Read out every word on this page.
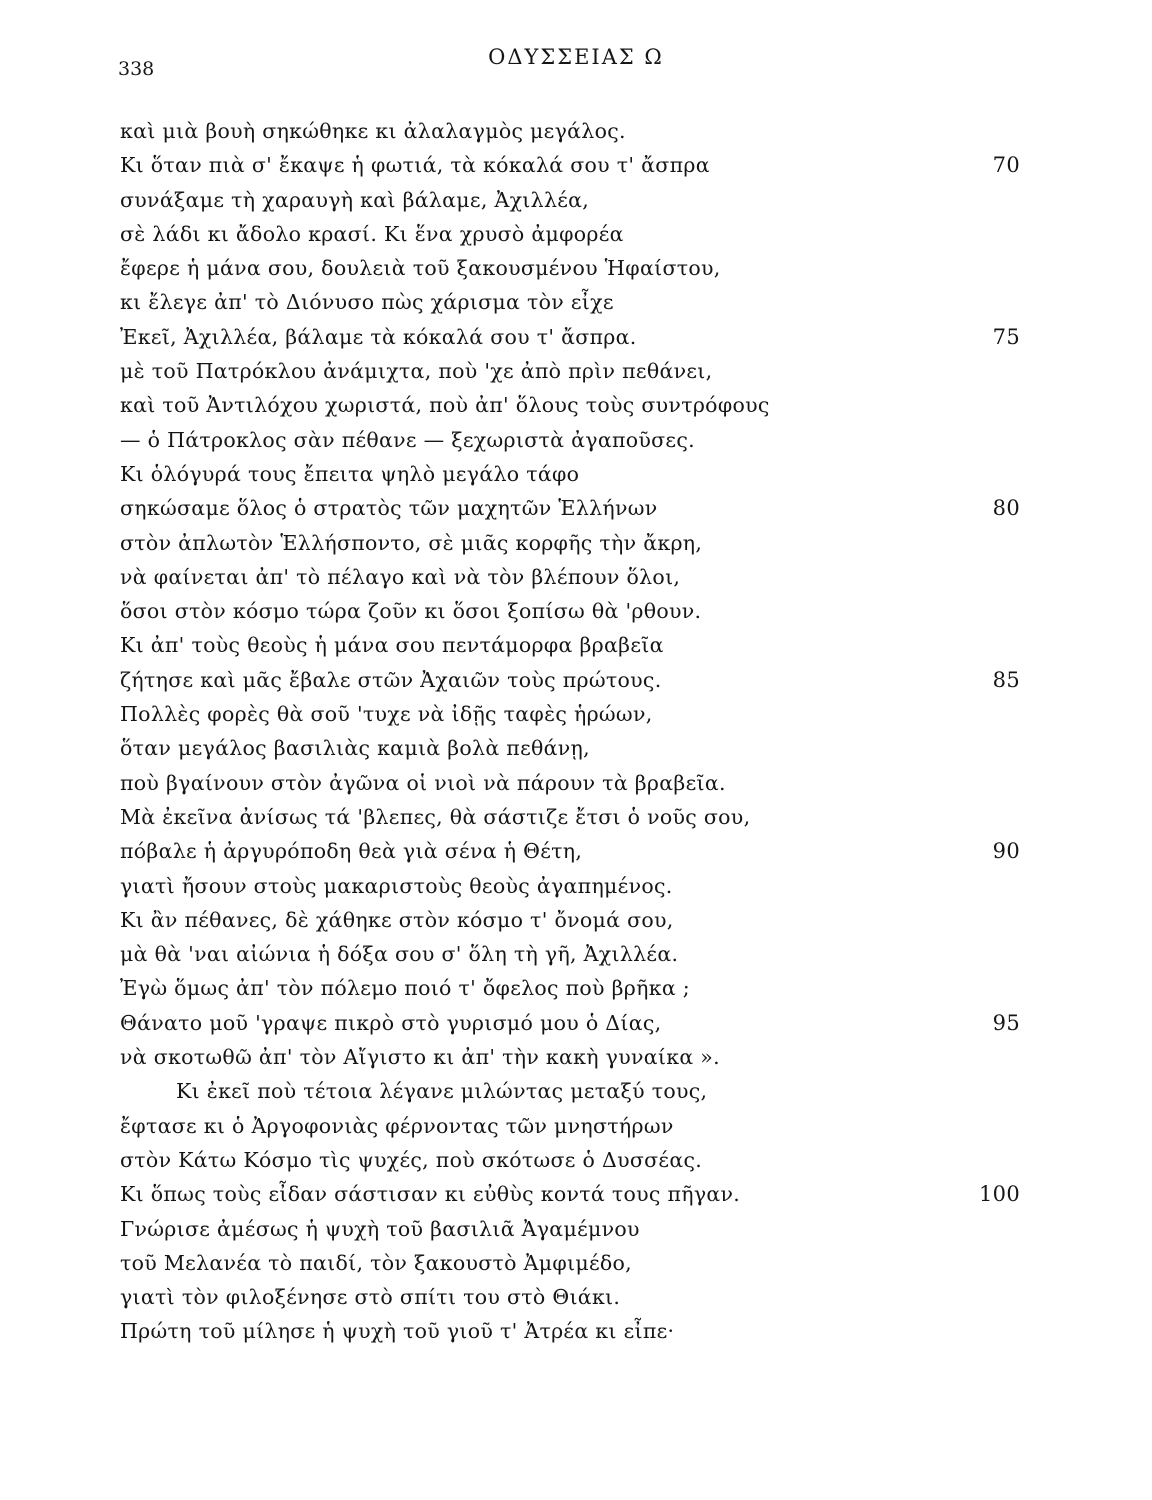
338	ΟΔΥΣΣΕΙΑΣ Ω
καὶ μιὰ βουὴ σηκώθηκε κι ἀλαλαγμὸς μεγάλος.
Κι ὅταν πιὰ σ' ἔκαψε ἡ φωτιά, τὰ κόκαλά σου τ' ἄσπρα	70
συνάξαμε τὴ χαραυγὴ καὶ βάλαμε, Ἀχιλλέα,
σὲ λάδι κι ἄδολο κρασί. Κι ἕνα χρυσὸ ἀμφορέα
ἔφερε ἡ μάνα σου, δουλειὰ τοῦ ξακουσμένου Ἡφαίστου,
κι ἔλεγε ἀπ' τὸ Διόνυσο πὼς χάρισμα τὸν εἶχε
Ἐκεῖ, Ἀχιλλέα, βάλαμε τὰ κόκαλά σου τ' ἄσπρα.	75
μὲ τοῦ Πατρόκλου ἀνάμιχτα, ποὺ 'χε ἀπὸ πρὶν πεθάνει,
καὶ τοῦ Ἀντιλόχου χωριστά, ποὺ ἀπ' ὅλους τοὺς συντρόφους
— ὁ Πάτροκλος σὰν πέθανε — ξεχωριστὰ ἀγαποῦσες.
Κι ὁλόγυρά τους ἔπειτα ψηλὸ μεγάλο τάφο
σηκώσαμε ὅλος ὁ στρατὸς τῶν μαχητῶν Ἑλλήνων	80
στὸν ἀπλωτὸν Ἑλλήσποντο, σὲ μιᾶς κορφῆς τὴν ἄκρη,
νὰ φαίνεται ἀπ' τὸ πέλαγο καὶ νὰ τὸν βλέπουν ὅλοι,
ὅσοι στὸν κόσμο τώρα ζοῦν κι ὅσοι ξοπίσω θὰ 'ρθουν.
Κι ἀπ' τοὺς θεοὺς ἡ μάνα σου πεντάμορφα βραβεῖα
ζήτησε καὶ μᾶς ἔβαλε στῶν Ἀχαιῶν τοὺς πρώτους.	85
Πολλὲς φορὲς θὰ σοῦ 'τυχε νὰ ἰδῇς ταφὲς ἡρώων,
ὅταν μεγάλος βασιλιὰς καμιὰ βολὰ πεθάνῃ,
ποὺ βγαίνουν στὸν ἀγῶνα οἱ νιοὶ νὰ πάρουν τὰ βραβεῖα.
Μὰ ἐκεῖνα ἀνίσως τά 'βλεπες, θὰ σάστιζε ἔτσι ὁ νοῦς σου,
πόβαλε ἡ ἀργυρόποδη θεὰ γιὰ σένα ἡ Θέτη,	90
γιατὶ ἤσουν στοὺς μακαριστοὺς θεοὺς ἀγαπημένος.
Κι ἂν πέθανες, δὲ χάθηκε στὸν κόσμο τ' ὄνομά σου,
μὰ θὰ 'ναι αἰώνια ἡ δόξα σου σ' ὅλη τὴ γῆ, Ἀχιλλέα.
Ἐγὼ ὅμως ἀπ' τὸν πόλεμο ποιό τ' ὄφελος ποὺ βρῆκα ;
Θάνατο μοῦ 'γραψε πικρὸ στὸ γυρισμό μου ὁ Δίας,	95
νὰ σκοτωθῶ ἀπ' τὸν Αἴγιστο κι ἀπ' τὴν κακὴ γυναίκα ».
Κι ἐκεῖ ποὺ τέτοια λέγανε μιλώντας μεταξύ τους,
ἔφτασε κι ὁ Ἀργοφονιὰς φέρνοντας τῶν μνηστήρων
στὸν Κάτω Κόσμο τὶς ψυχές, ποὺ σκότωσε ὁ Δυσσέας.
Κι ὅπως τοὺς εἶδαν σάστισαν κι εὐθὺς κοντά τους πῆγαν.	100
Γνώρισε ἀμέσως ἡ ψυχὴ τοῦ βασιλιᾶ Ἀγαμέμνου
τοῦ Μελανέα τὸ παιδί, τὸν ξακουστὸ Ἀμφιμέδο,
γιατὶ τὸν φιλοξένησε στὸ σπίτι του στὸ Θιάκι.
Πρώτη τοῦ μίλησε ἡ ψυχὴ τοῦ γιοῦ τ' Ἀτρέα κι εἶπε·
